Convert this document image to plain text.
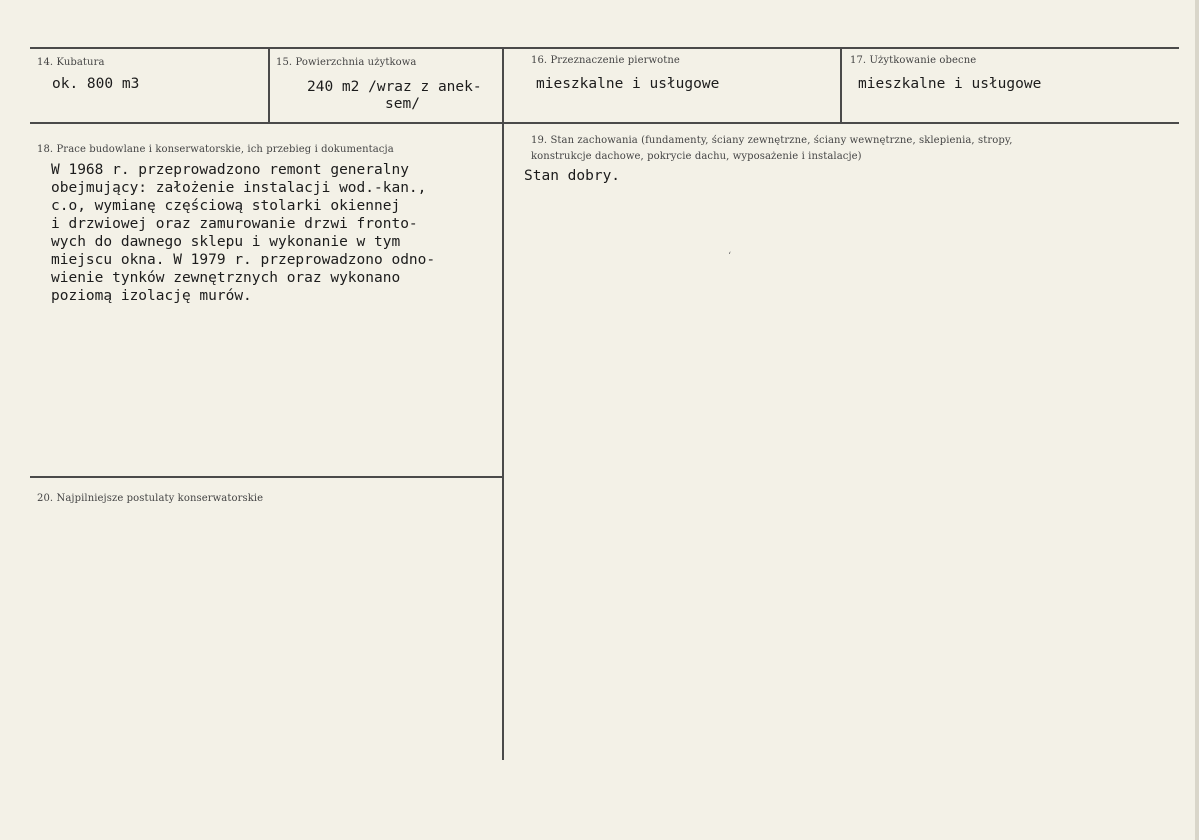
14. Kubatura
ok. 800 m3
15. Powierzchnia użytkowa
240 m2 /wraz z anek-
sem/
16. Przeznaczenie pierwotne
mieszkalne i usługowe
17. Użytkowanie obecne
mieszkalne i usługowe
18. Prace budowlane i konserwatorskie, ich przebieg i dokumentacja
W 1968 r. przeprowadzono remont generalny
obejmujący: założenie instalacji wod.-kan.,
c.o, wymianę częściową stolarki okiennej
i drzwiowej oraz zamurowanie drzwi fronto-
wych do dawnego sklepu i wykonanie w tym
miejscu okna. W 1979 r. przeprowadzono odno-
wienie tynków zewnętrznych oraz wykonano
poziomą izolację murów.
19. Stan zachowania (fundamenty, ściany zewnętrzne, ściany wewnętrzne, sklepienia, stropy,
konstrukcje dachowe, pokrycie dachu, wyposażenie i instalacje)
Stan dobry.
ʻ
20. Najpilniejsze postulaty konserwatorskie
